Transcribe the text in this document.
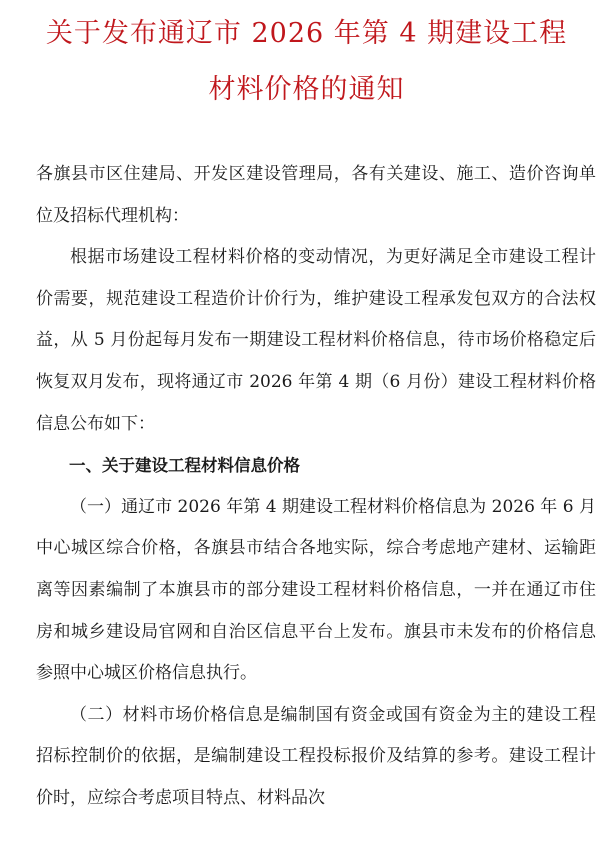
关于发布通辽市 2026 年第 4 期建设工程
材料价格的通知

各旗县市区住建局、开发区建设管理局，各有关建设、施工、造价咨询单位及招标代理机构：

根据市场建设工程材料价格的变动情况，为更好满足全市建设工程计价需要，规范建设工程造价计价行为，维护建设工程承发包双方的合法权益，从 5 月份起每月发布一期建设工程材料价格信息，待市场价格稳定后恢复双月发布，现将通辽市 2026 年第 4 期（6 月份）建设工程材料价格信息公布如下：

一、关于建设工程材料信息价格

（一）通辽市 2026 年第 4 期建设工程材料价格信息为 2026 年 6 月中心城区综合价格，各旗县市结合各地实际，综合考虑地产建材、运输距离等因素编制了本旗县市的部分建设工程材料价格信息，一并在通辽市住房和城乡建设局官网和自治区信息平台上发布。旗县市未发布的价格信息参照中心城区价格信息执行。

（二）材料市场价格信息是编制国有资金或国有资金为主的建设工程招标控制价的依据，是编制建设工程投标报价及结算的参考。建设工程计价时，应综合考虑项目特点、材料品次
